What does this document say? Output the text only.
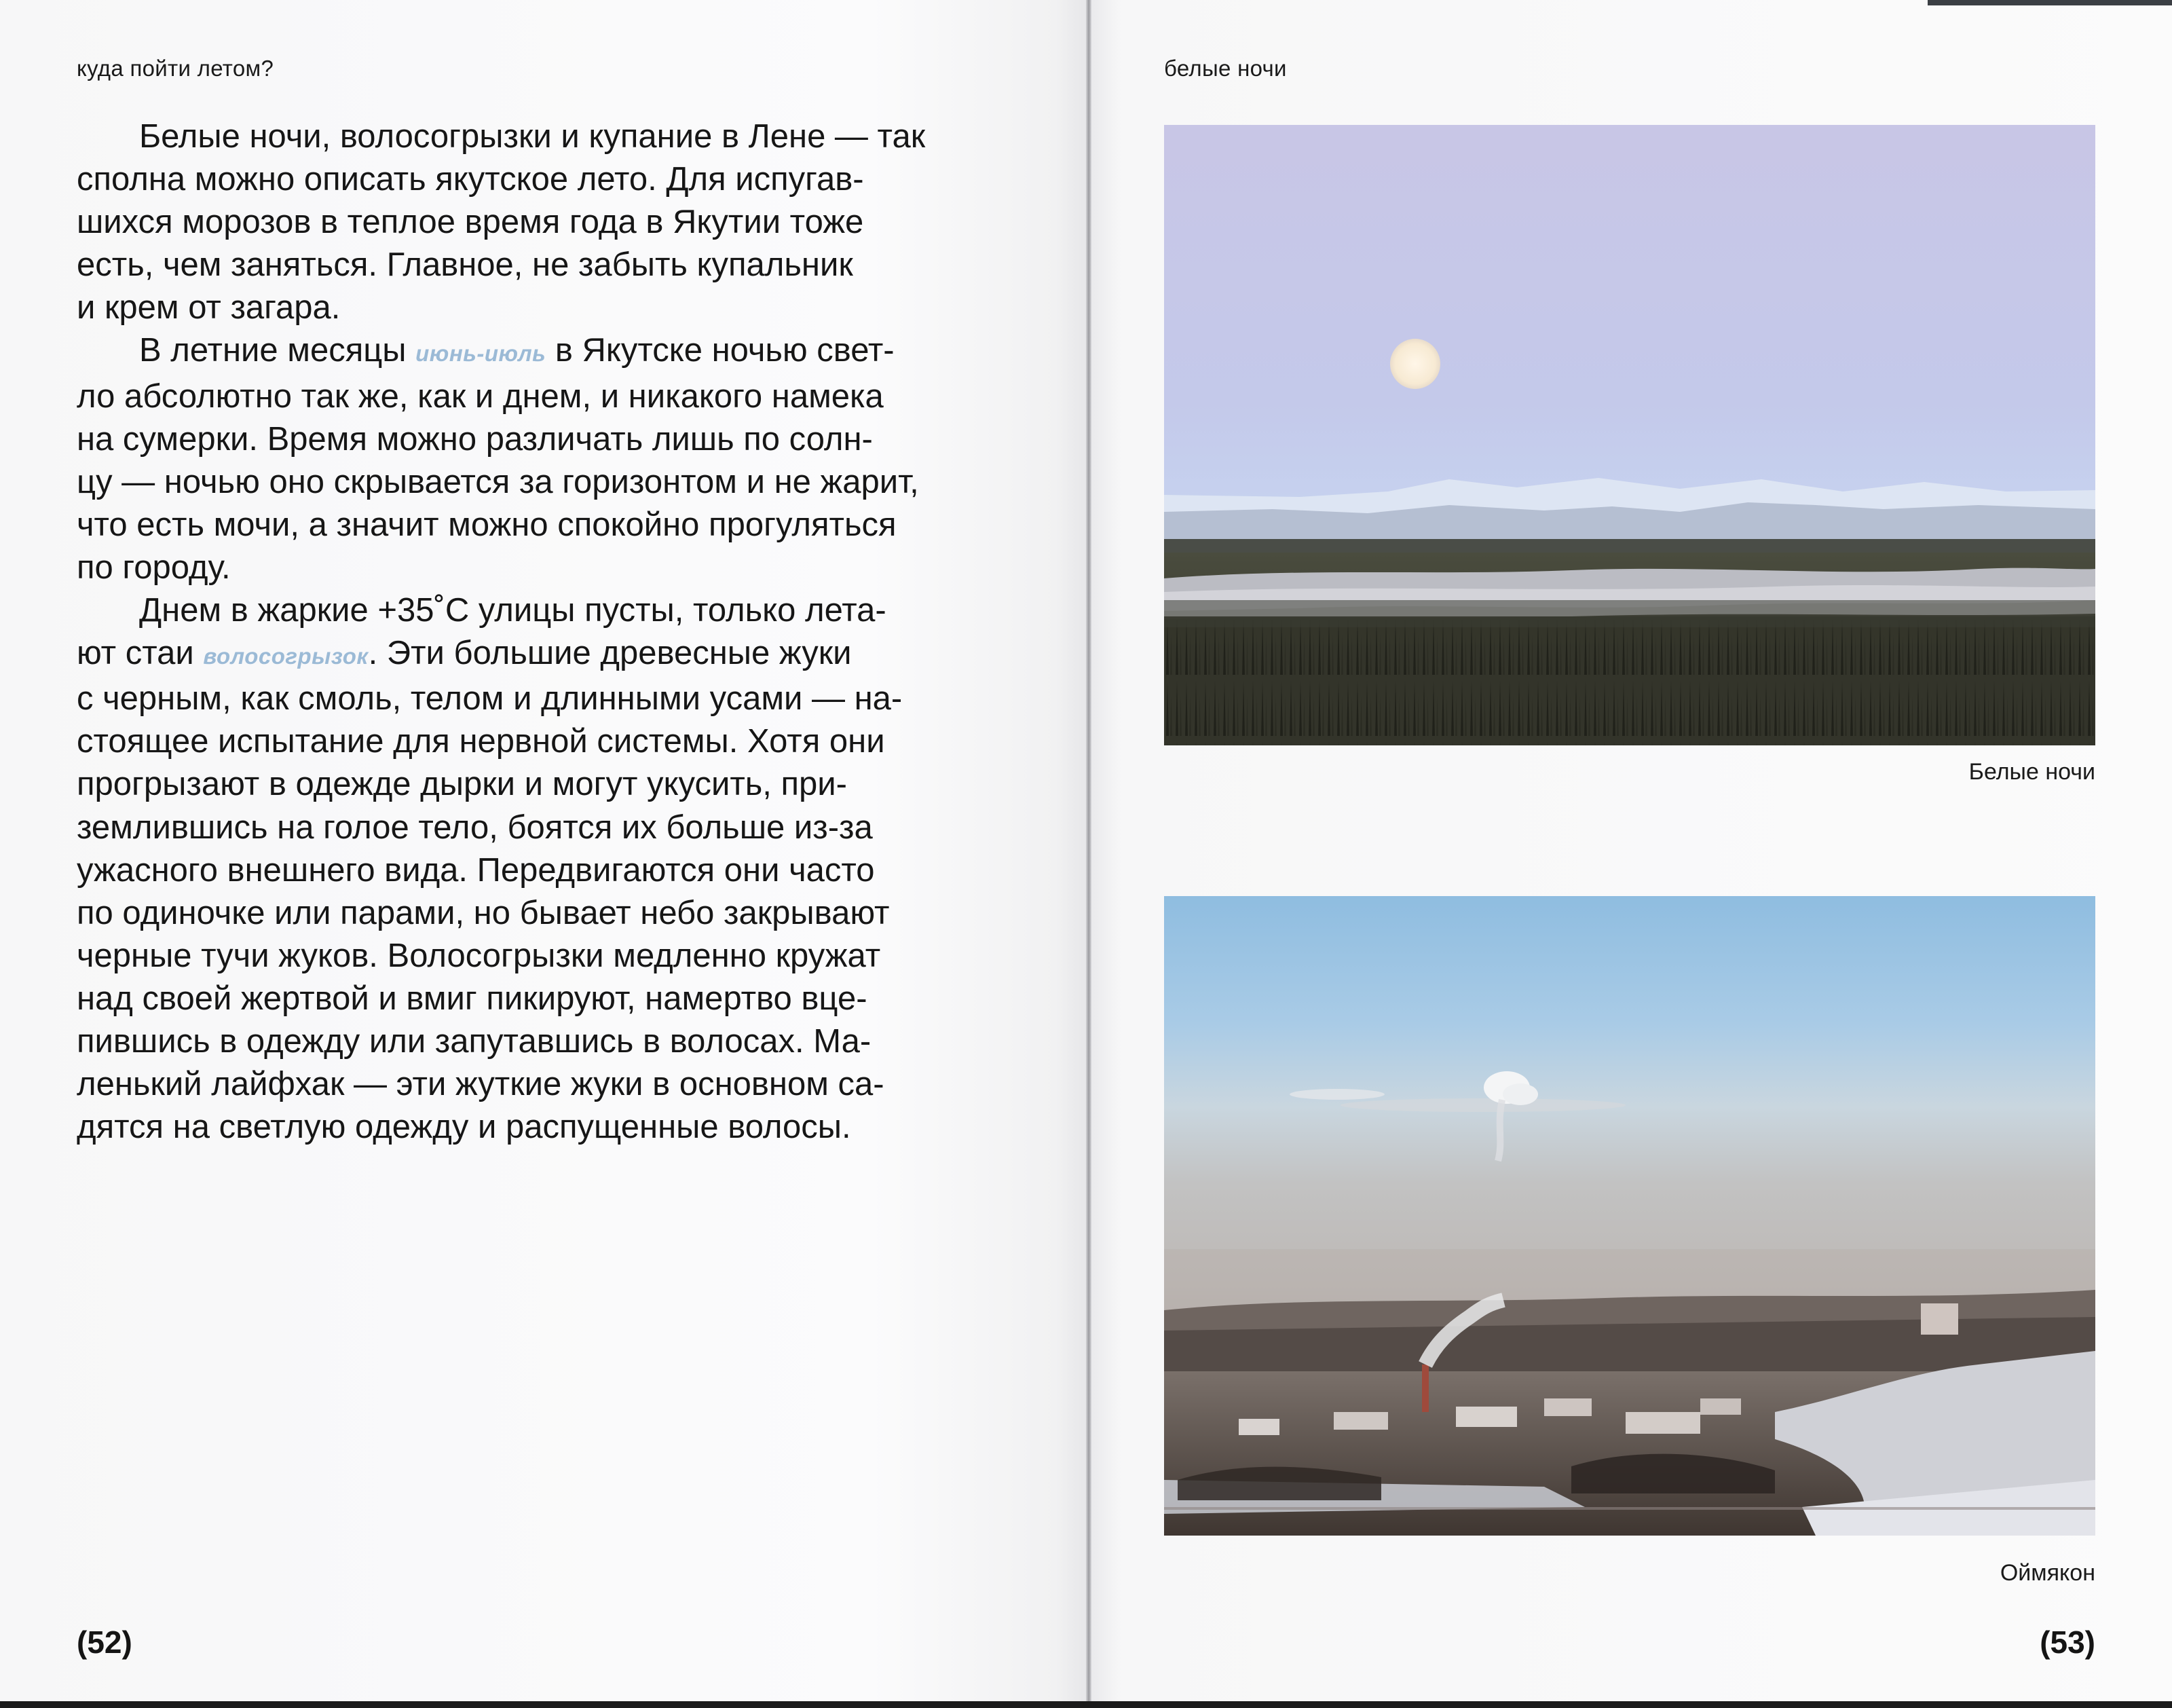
куда пойти летом?
Белые ночи, волосогрызки и купание в Лене — так
сполна можно описать якутское лето. Для испугав-
шихся морозов в теплое время года в Якутии тоже
есть, чем заняться. Главное, не забыть купальник
и крем от загара.
В летние месяцы июнь-июль в Якутске ночью свет-
ло абсолютно так же, как и днем, и никакого намека
на сумерки. Время можно различать лишь по солн-
цу — ночью оно скрывается за горизонтом и не жарит,
что есть мочи, а значит можно спокойно прогуляться
по городу.
Днем в жаркие +35˚С улицы пусты, только лета-
ют стаи волосогрызок. Эти большие древесные жуки
с черным, как смоль, телом и длинными усами — на-
стоящее испытание для нервной системы. Хотя они
прогрызают в одежде дырки и могут укусить, при-
землившись на голое тело, боятся их больше из-за
ужасного внешнего вида. Передвигаются они часто
по одиночке или парами, но бывает небо закрывают
черные тучи жуков. Волосогрызки медленно кружат
над своей жертвой и вмиг пикируют, намертво вце-
пившись в одежду или запутавшись в волосах. Ма-
ленький лайфхак — эти жуткие жуки в основном са-
дятся на светлую одежду и распущенные волосы.
(52)
белые ночи
Белые ночи
Оймякон
(53)
